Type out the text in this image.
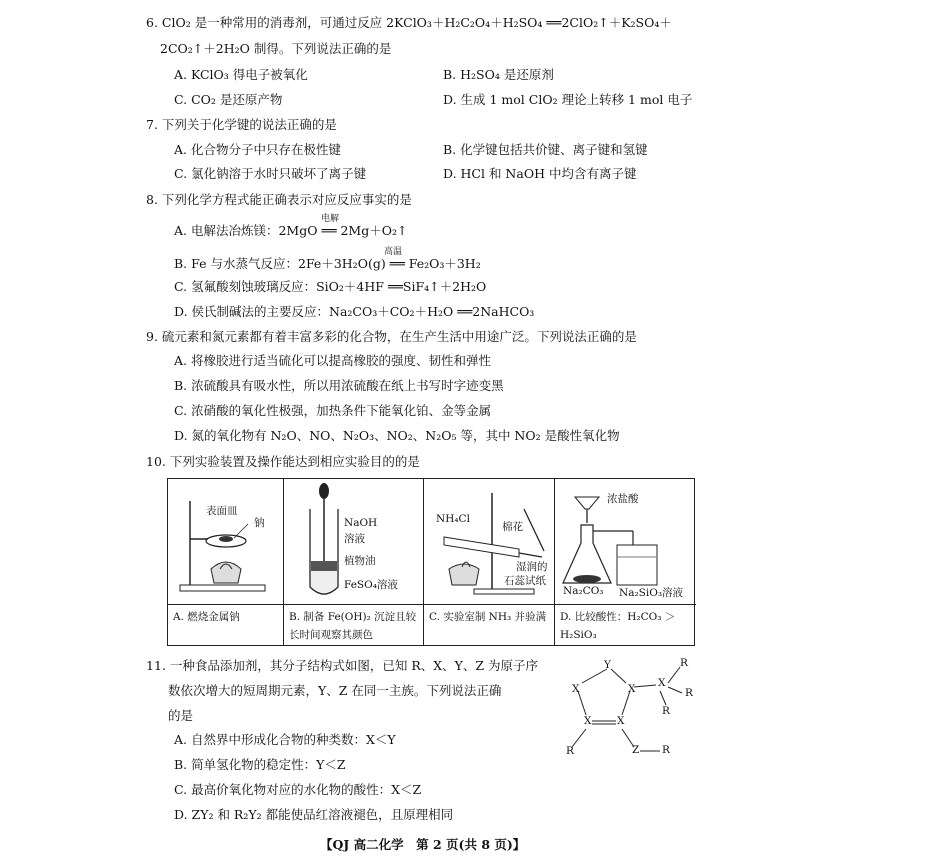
6. ClO₂ 是一种常用的消毒剂，可通过反应 2KClO₃＋H₂C₂O₄＋H₂SO₄ ══2ClO₂↑＋K₂SO₄＋
2CO₂↑＋2H₂O 制得。下列说法正确的是
A. KClO₃ 得电子被氧化	B. H₂SO₄ 是还原剂
C. CO₂ 是还原产物	D. 生成 1 mol ClO₂ 理论上转移 1 mol 电子
7. 下列关于化学键的说法正确的是
A. 化合物分子中只存在极性键	B. 化学键包括共价键、离子键和氢键
C. 氯化钠溶于水时只破坏了离子键	D. HCl 和 NaOH 中均含有离子键
8. 下列化学方程式能正确表示对应反应事实的是
电解
A. 电解法冶炼镁：2MgO ══ 2Mg＋O₂↑
高温
B. Fe 与水蒸气反应：2Fe＋3H₂O(g) ══ Fe₂O₃＋3H₂
C. 氢氟酸刻蚀玻璃反应：SiO₂＋4HF ══SiF₄↑＋2H₂O
D. 侯氏制碱法的主要反应：Na₂CO₃＋CO₂＋H₂O ══2NaHCO₃
9. 硫元素和氮元素都有着丰富多彩的化合物，在生产生活中用途广泛。下列说法正确的是
A. 将橡胶进行适当硫化可以提高橡胶的强度、韧性和弹性
B. 浓硫酸具有吸水性，所以用浓硫酸在纸上书写时字迹变黑
C. 浓硝酸的氧化性极强，加热条件下能氧化铂、金等金属
D. 氮的氧化物有 N₂O、NO、N₂O₃、NO₂、N₂O₅ 等，其中 NO₂ 是酸性氧化物
10. 下列实验装置及操作能达到相应实验目的的是
表面皿
钠
A. 燃烧金属钠
NaOH
溶液
植物油
FeSO₄溶液
B. 制备 Fe(OH)₂ 沉淀且较长时间观察其颜色
NH₄Cl
棉花
湿润的
石蕊试纸
C. 实验室制 NH₃ 并验满
浓盐酸
Na₂CO₃ Na₂SiO₃溶液
D. 比较酸性：H₂CO₃ ＞H₂SiO₃
11. 一种食品添加剂，其分子结构式如图，已知 R、X、Y、Z 为原子序
数依次增大的短周期元素，Y、Z 在同一主族。下列说法正确
的是
A. 自然界中形成化合物的种类数：X＜Y
B. 简单氢化物的稳定性：Y＜Z
C. 最高价氧化物对应的水化物的酸性：X＜Z
D. ZY₂ 和 R₂Y₂ 都能使品红溶液褪色，且原理相同
Y
X	X
X X
X
R
R
R
R	Z R
【QJ 高二化学　第 2 页(共 8 页)】
